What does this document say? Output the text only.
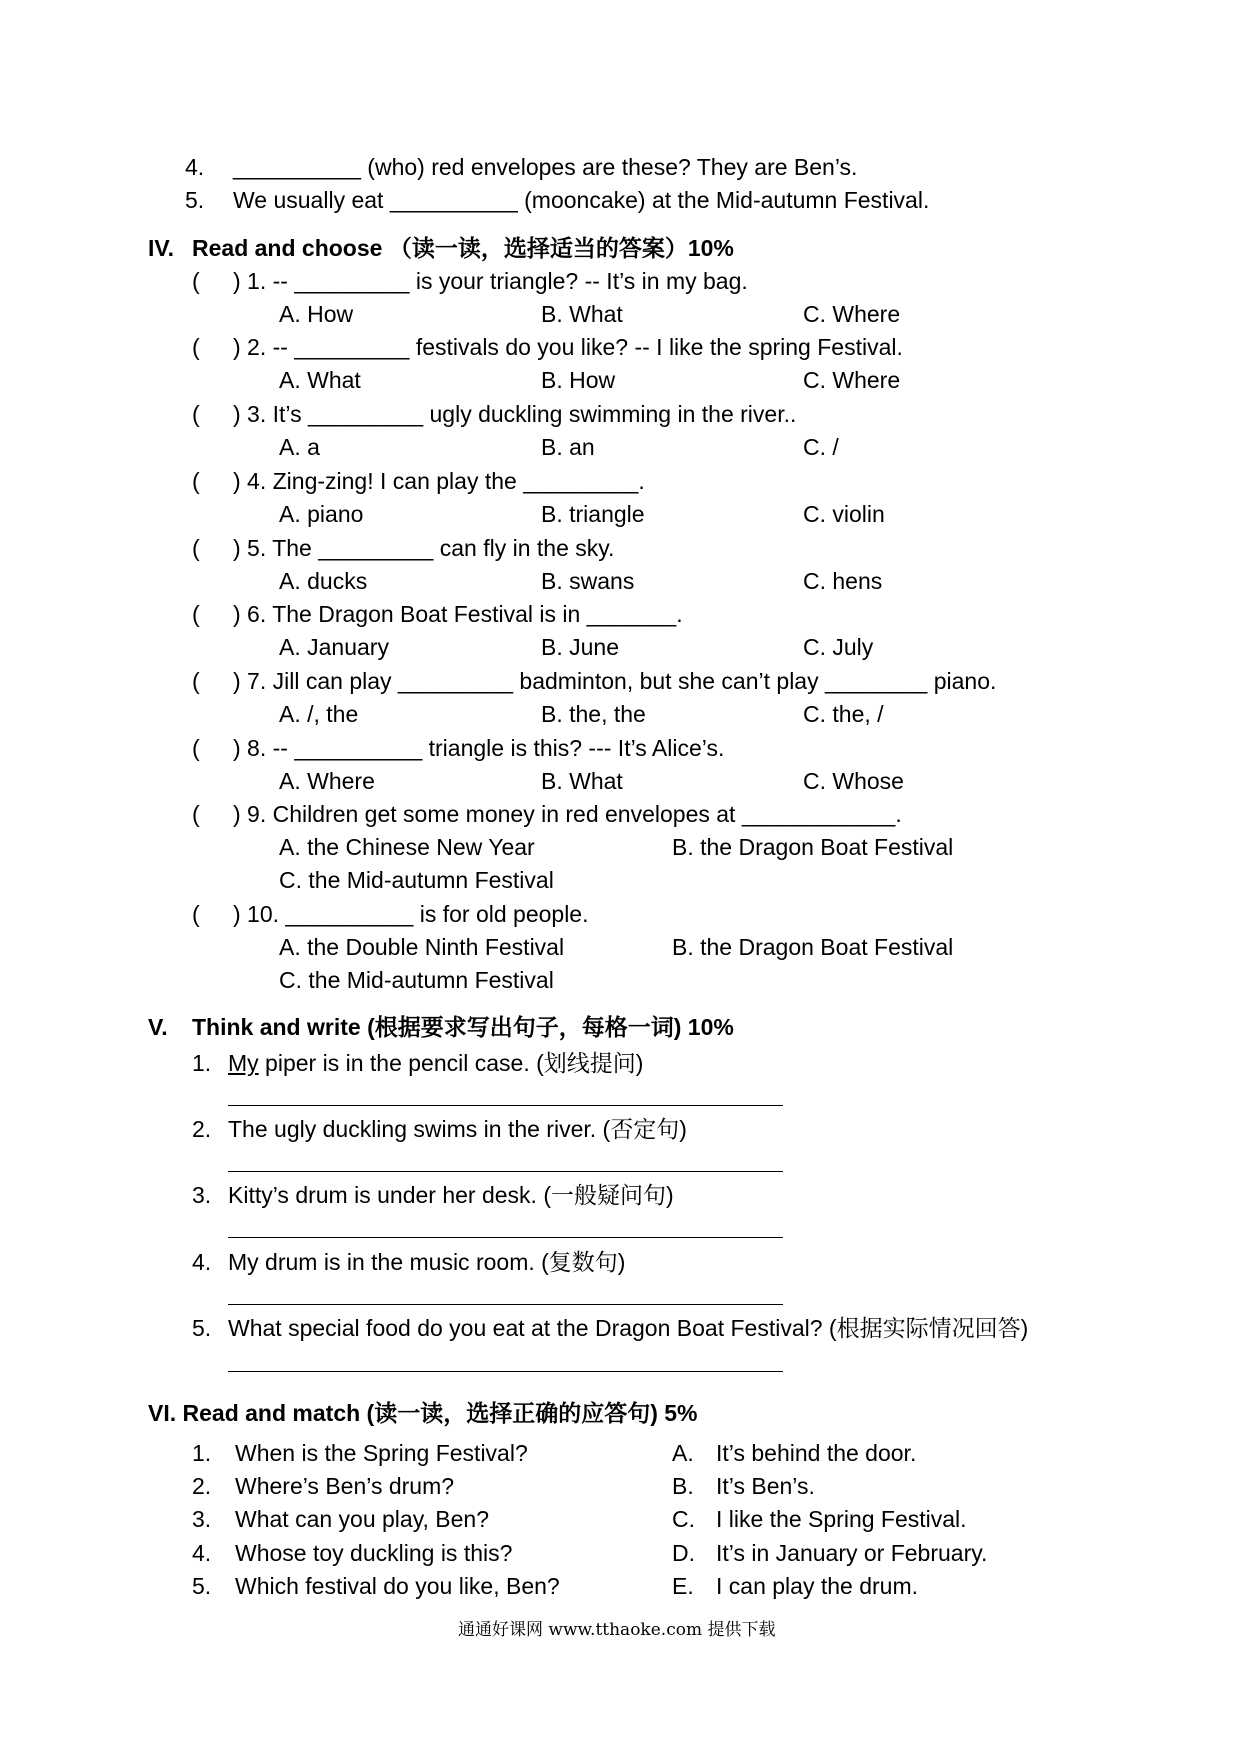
4. __________ (who) red envelopes are these? They are Ben’s.
5. We usually eat __________ (mooncake) at the Mid-autumn Festival.
IV. Read and choose （读一读，选择适当的答案）10%
( ) 1. -- _________ is your triangle? -- It’s in my bag.
A. How	B. What	C. Where
( ) 2. -- _________ festivals do you like? -- I like the spring Festival.
A. What	B. How	C. Where
( ) 3. It’s _________ ugly duckling swimming in the river..
A. a	B. an	C. /
( ) 4. Zing-zing! I can play the _________.
A. piano	B. triangle	C. violin
( ) 5. The _________ can fly in the sky.
A. ducks	B. swans	C. hens
( ) 6. The Dragon Boat Festival is in _______.
A. January	B. June	C. July
( ) 7. Jill can play _________ badminton, but she can’t play ________ piano.
A. /, the	B. the, the	C. the, /
( ) 8. -- __________ triangle is this? --- It’s Alice’s.
A. Where	B. What	C. Whose
( ) 9. Children get some money in red envelopes at ____________.
A. the Chinese New Year	B. the Dragon Boat Festival
C. the Mid-autumn Festival
( ) 10. __________ is for old people.
A. the Double Ninth Festival	B. the Dragon Boat Festival
C. the Mid-autumn Festival
V. Think and write (根据要求写出句子，每格一词) 10%
1. My piper is in the pencil case. (划线提问)
2. The ugly duckling swims in the river. (否定句)
3. Kitty’s drum is under her desk. (一般疑问句)
4. My drum is in the music room. (复数句)
5. What special food do you eat at the Dragon Boat Festival? (根据实际情况回答)
VI. Read and match (读一读，选择正确的应答句) 5%
1. When is the Spring Festival?	A. It’s behind the door.
2. Where’s Ben’s drum?	B. It’s Ben’s.
3. What can you play, Ben?	C. I like the Spring Festival.
4. Whose toy duckling is this?	D. It’s in January or February.
5. Which festival do you like, Ben?	E. I can play the drum.
通通好课网 www.tthaoke.com 提供下载
